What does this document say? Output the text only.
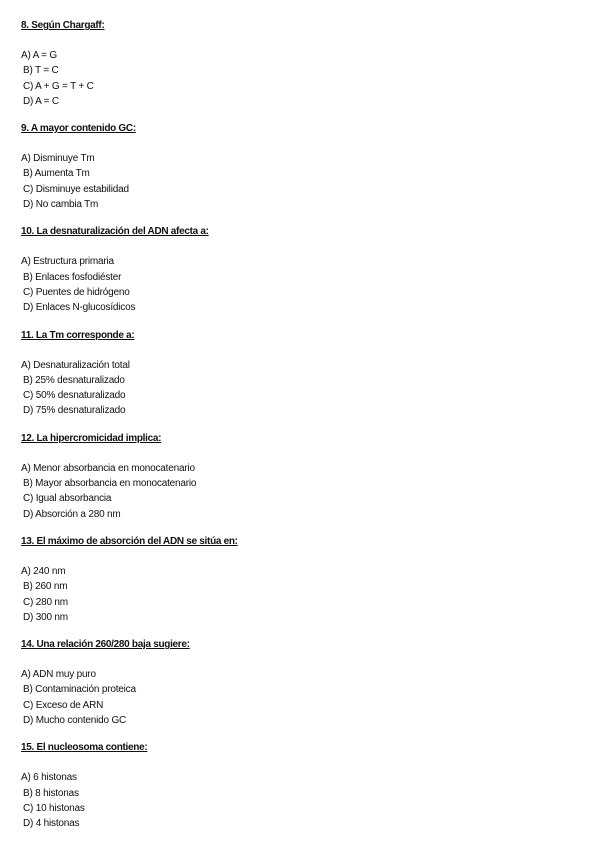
8. Según Chargaff:
A) A = G
B) T = C
C) A + G = T + C
D) A = C
9. A mayor contenido GC:
A) Disminuye Tm
B) Aumenta Tm
C) Disminuye estabilidad
D) No cambia Tm
10. La desnaturalización del ADN afecta a:
A) Estructura primaria
B) Enlaces fosfodiéster
C) Puentes de hidrógeno
D) Enlaces N-glucosídicos
11. La Tm corresponde a:
A) Desnaturalización total
B) 25% desnaturalizado
C) 50% desnaturalizado
D) 75% desnaturalizado
12. La hipercromicidad implica:
A) Menor absorbancia en monocatenario
B) Mayor absorbancia en monocatenario
C) Igual absorbancia
D) Absorción a 280 nm
13. El máximo de absorción del ADN se sitúa en:
A) 240 nm
B) 260 nm
C) 280 nm
D) 300 nm
14. Una relación 260/280 baja sugiere:
A) ADN muy puro
B) Contaminación proteica
C) Exceso de ARN
D) Mucho contenido GC
15. El nucleosoma contiene:
A) 6 histonas
B) 8 histonas
C) 10 histonas
D) 4 histonas
